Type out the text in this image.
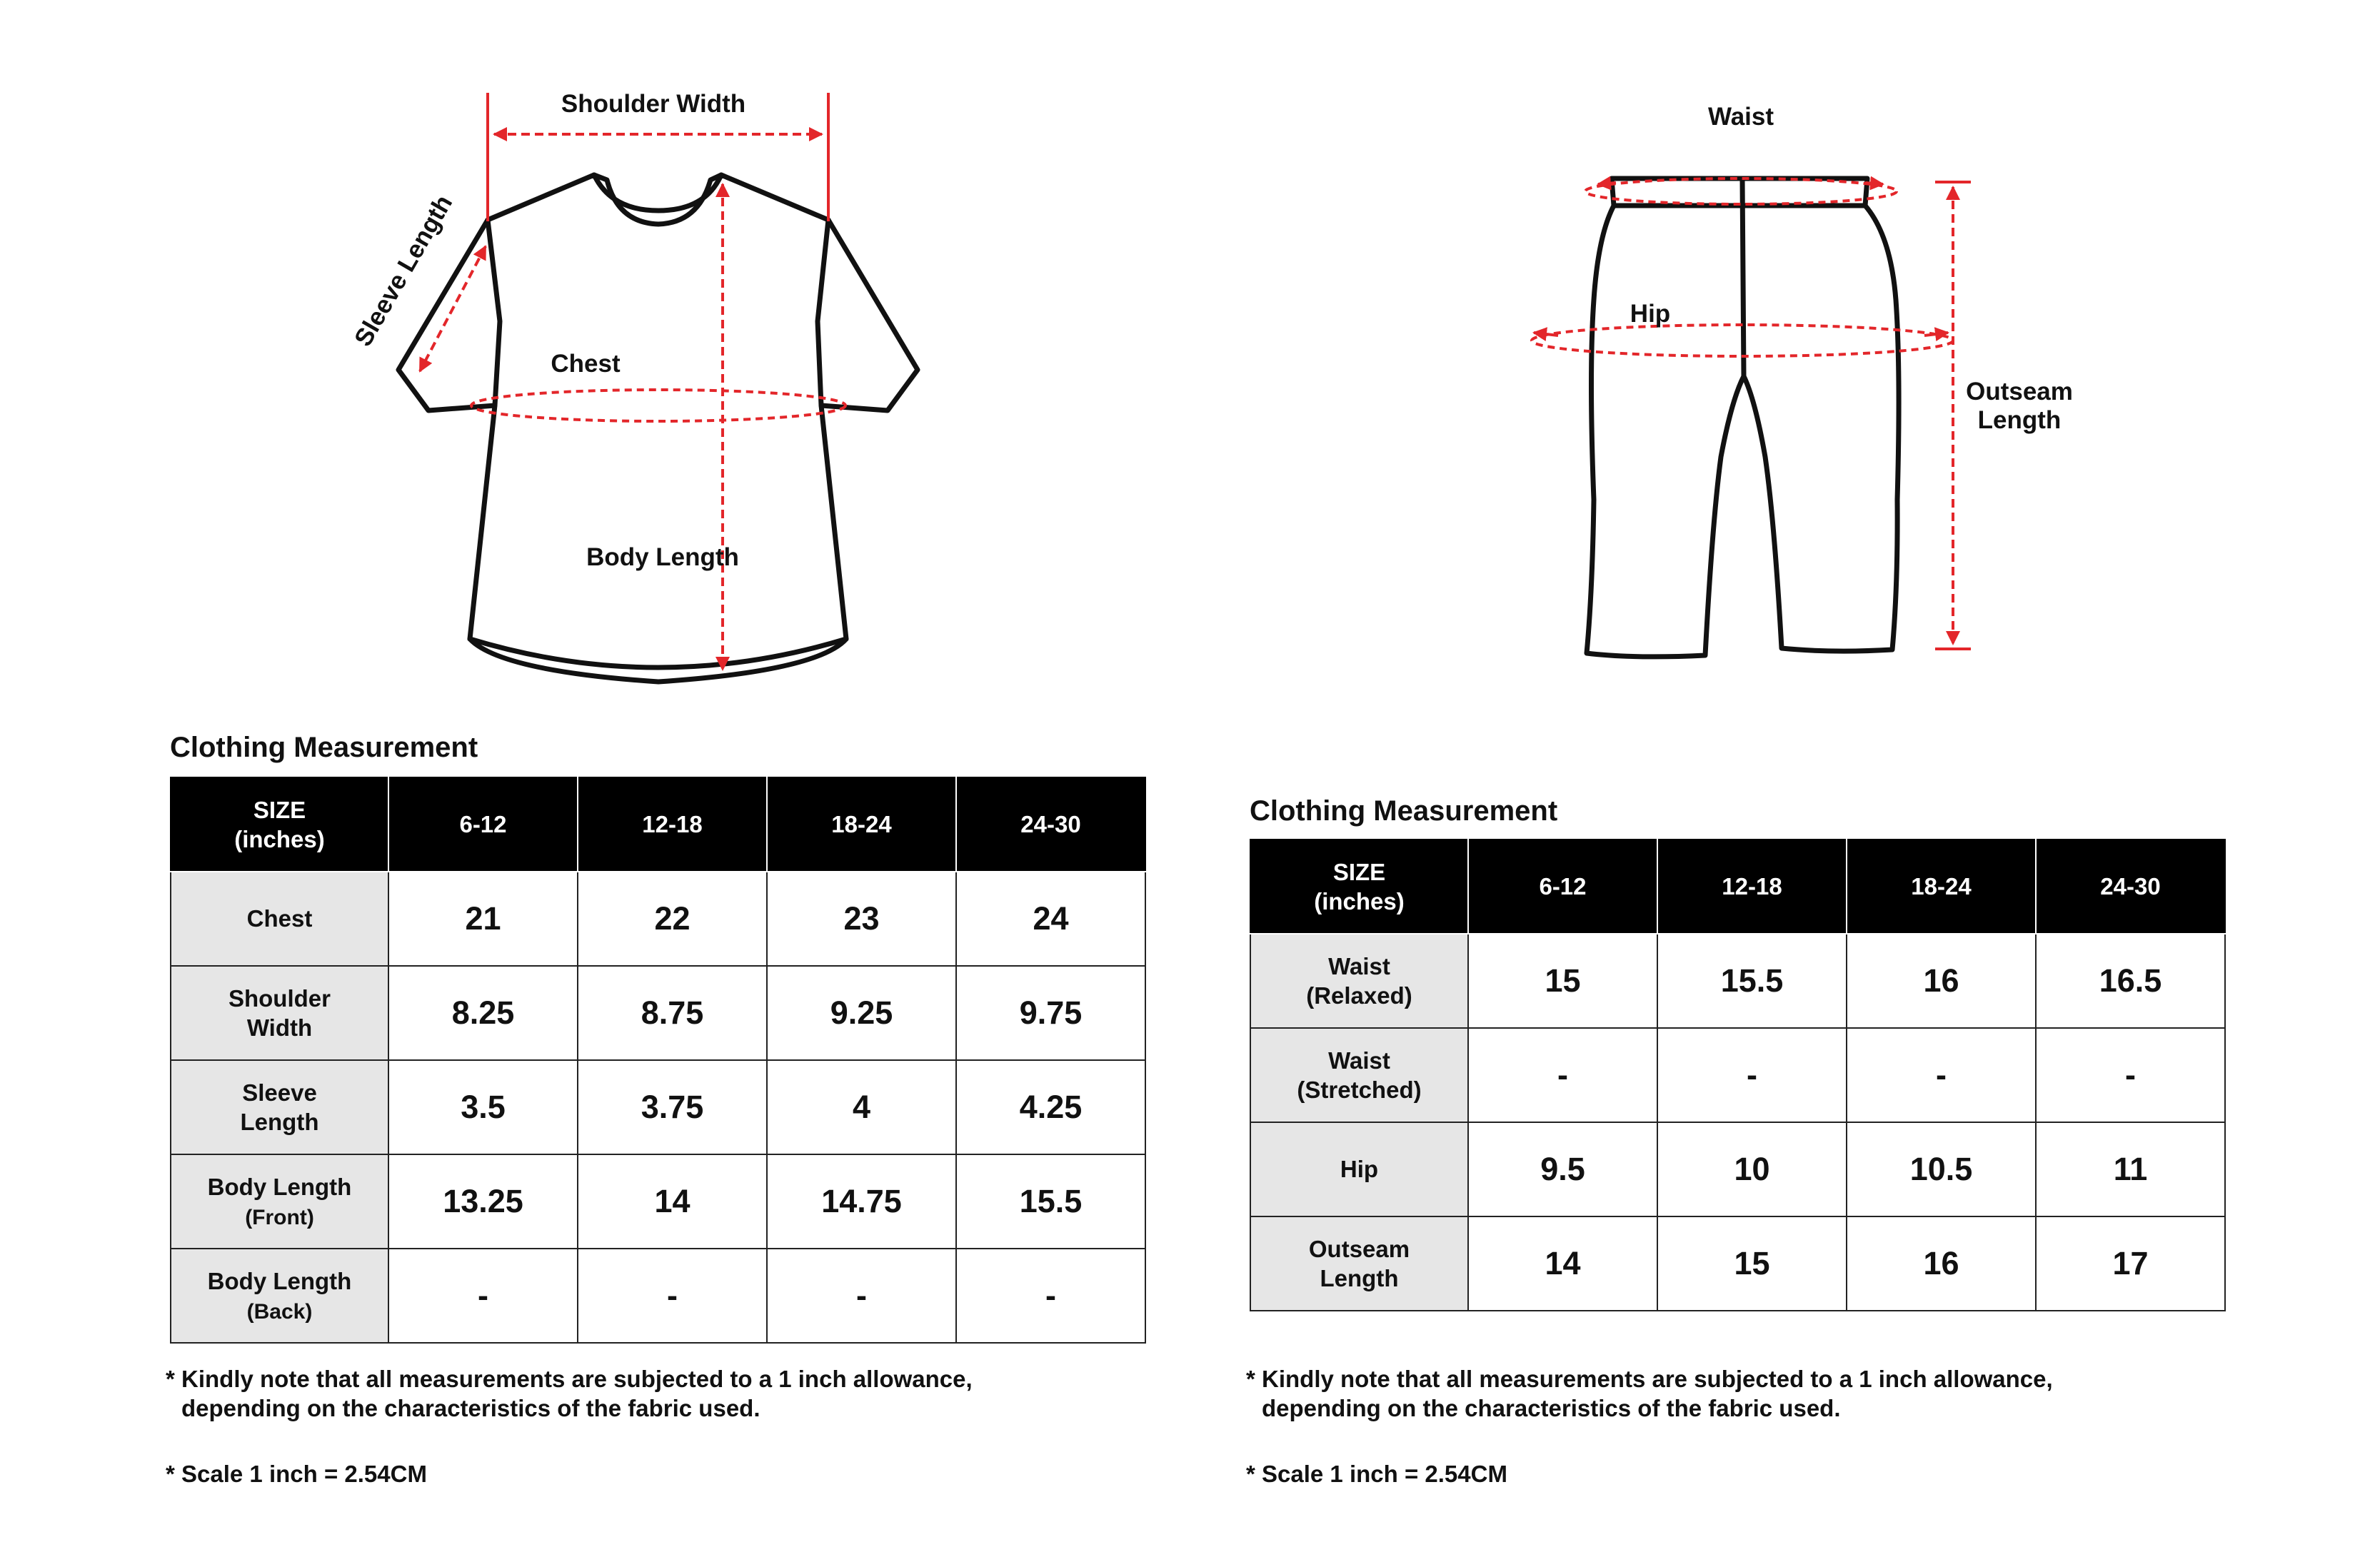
Shoulder Width
Sleeve Length
Chest
Body Length
Waist
Hip
Outseam
Length
Clothing Measurement
SIZE
(inches)	6-12	12-18	18-24	24-30
Chest	21	22	23	24
Shoulder
Width	8.25	8.75	9.25	9.75
Sleeve
Length	3.5	3.75	4	4.25
Body Length
(Front)	13.25	14	14.75	15.5
Body Length
(Back)	-	-	-	-
* Kindly note that all measurements are subjected to a 1 inch allowance,
depending on the characteristics of the fabric used.
* Scale 1 inch = 2.54CM
Clothing Measurement
SIZE
(inches)	6-12	12-18	18-24	24-30
Waist
(Relaxed)	15	15.5	16	16.5
Waist
(Stretched)	-	-	-	-
Hip	9.5	10	10.5	11
Outseam
Length	14	15	16	17
* Kindly note that all measurements are subjected to a 1 inch allowance,
depending on the characteristics of the fabric used.
* Scale 1 inch = 2.54CM
